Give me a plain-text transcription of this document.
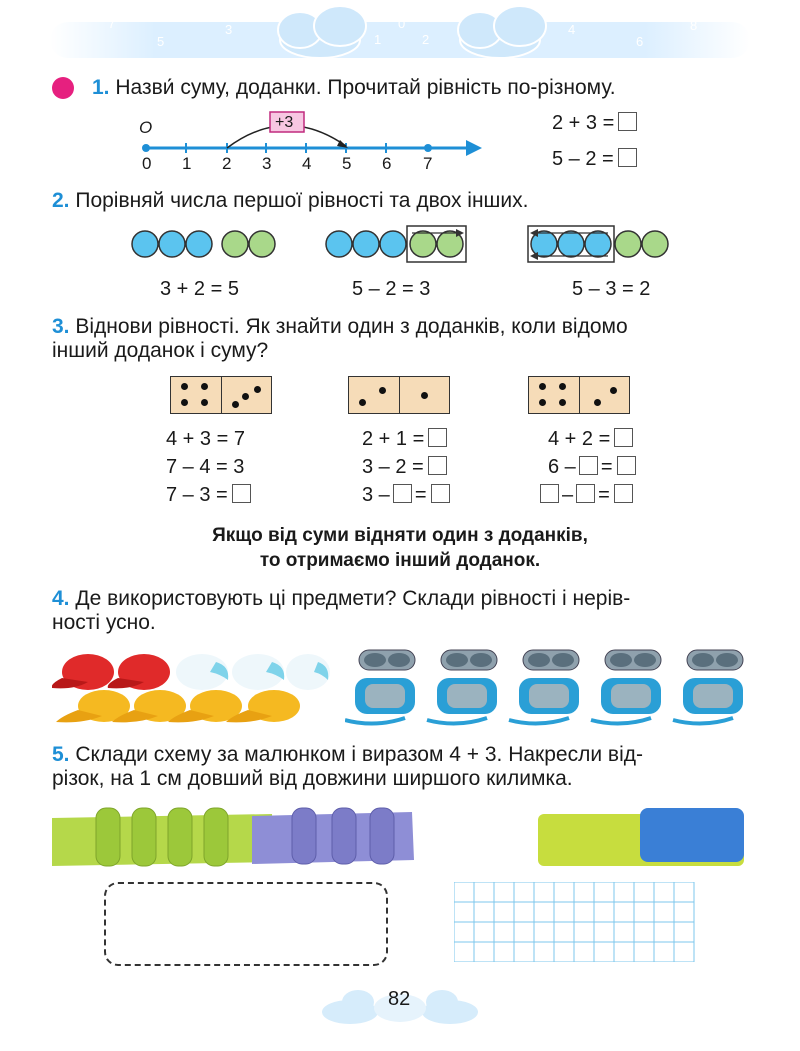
7
5
3
1
0
2
4
6
8
1. Назви́ суму, доданки. Прочитай рівність по-різному.
О	+3
0 1 2 3 4 5 6 7
2 + 3 =
5 – 2 =
2. Порівняй числа першої рівності та двох інших.
3 + 2 = 5	5 – 2 = 3	5 – 3 = 2
3. Віднови рівності. Як знайти один з доданків, коли відомо
інший доданок і суму?
4 + 3 = 7
7 – 4 = 3
7 – 3 =
2 + 1 =
3 – 2 =
3 – =
4 + 2 =
6 – =
– =
Якщо від суми відняти один з доданків,
то отримаємо інший доданок.
4. Де використовують ці предмети? Склади рівності і нерів-
ності усно.
5. Склади схему за малюнком і виразом 4 + 3. Накресли від-
різок, на 1 см довший від довжини ширшого килимка.
82
